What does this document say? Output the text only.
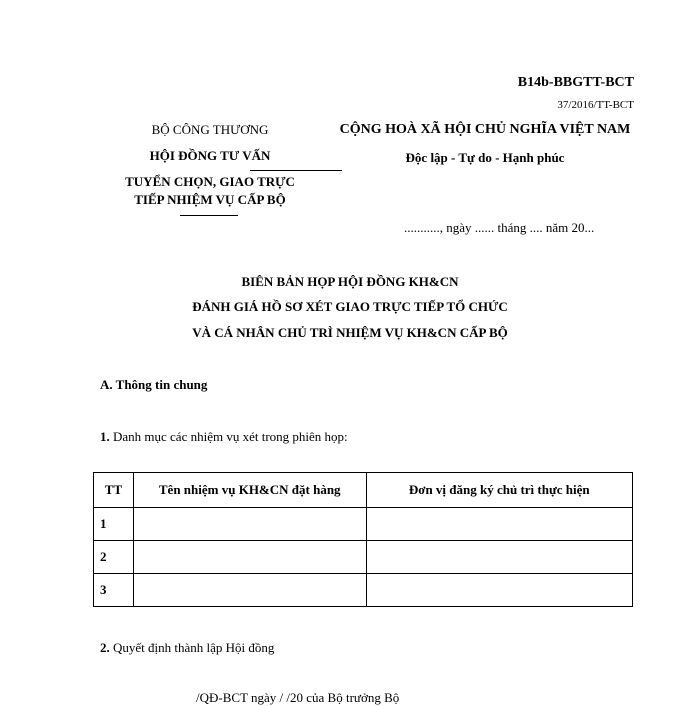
B14b-BBGTT-BCT
37/2016/TT-BCT
BỘ CÔNG THƯƠNG
HỘI ĐỒNG TƯ VẤN
TUYỂN CHỌN, GIAO TRỰC
TIẾP NHIỆM VỤ CẤP BỘ
CỘNG HOÀ XÃ HỘI CHỦ NGHĨA VIỆT NAM
Độc lập - Tự do - Hạnh phúc
..........., ngày ...... tháng .... năm 20...
BIÊN BẢN HỌP HỘI ĐỒNG KH&CN
ĐÁNH GIÁ HỒ SƠ XÉT GIAO TRỰC TIẾP TỔ CHỨC
VÀ CÁ NHÂN CHỦ TRÌ NHIỆM VỤ KH&CN CẤP BỘ
A. Thông tin chung
1. Danh mục các nhiệm vụ xét trong phiên họp:
TT	Tên nhiệm vụ KH&CN đặt hàng	Đơn vị đăng ký chủ trì thực hiện
1		
2		
3		
2. Quyết định thành lập Hội đồng
/QĐ-BCT ngày / /20 của Bộ trưởng Bộ
